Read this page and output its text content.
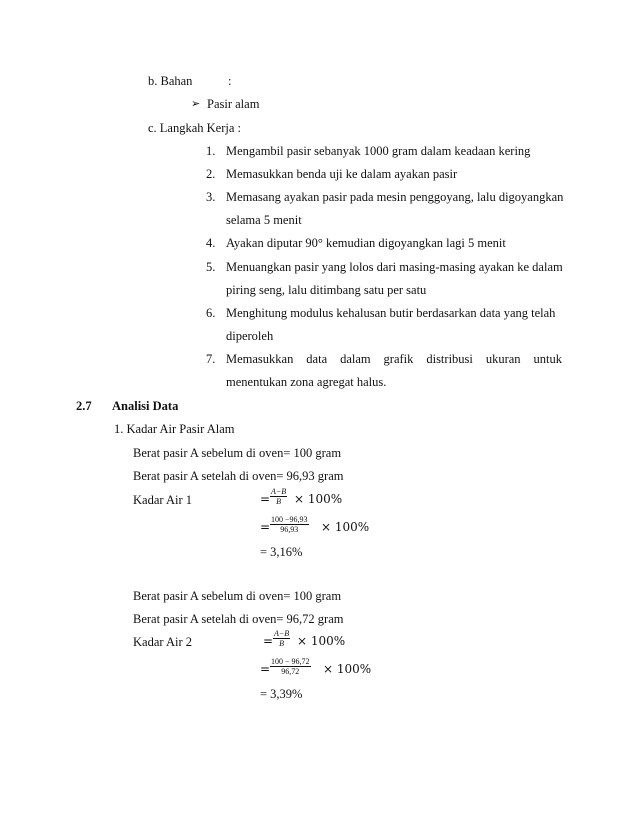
b. Bahan	:
➢ Pasir alam
c. Langkah Kerja :
1. Mengambil pasir sebanyak 1000 gram dalam keadaan kering
2. Memasukkan benda uji ke dalam ayakan pasir
3. Memasang ayakan pasir pada mesin penggoyang, lalu digoyangkan
selama 5 menit
4. Ayakan diputar 90° kemudian digoyangkan lagi 5 menit
5. Menuangkan pasir yang lolos dari masing-masing ayakan ke dalam
piring seng, lalu ditimbang satu per satu
6. Menghitung modulus kehalusan butir berdasarkan data yang telah
diperoleh
7. Memasukkan data dalam grafik distribusi ukuran untuk
menentukan zona agregat halus.
2.7 Analisi Data
1. Kadar Air Pasir Alam
Berat pasir A sebelum di oven= 100 gram
Berat pasir A setelah di oven= 96,93 gram
Kadar Air 1	= $\frac{A-B}{B} \times 100\%$
= $\frac{100 -96,93}{96,93} \times 100\%$
= 3,16%
Berat pasir A sebelum di oven= 100 gram
Berat pasir A setelah di oven= 96,72 gram
Kadar Air 2	= $\frac{A-B}{B} \times 100\%$
= $\frac{100 - 96,72}{96,72} \times 100\%$
= 3,39%
